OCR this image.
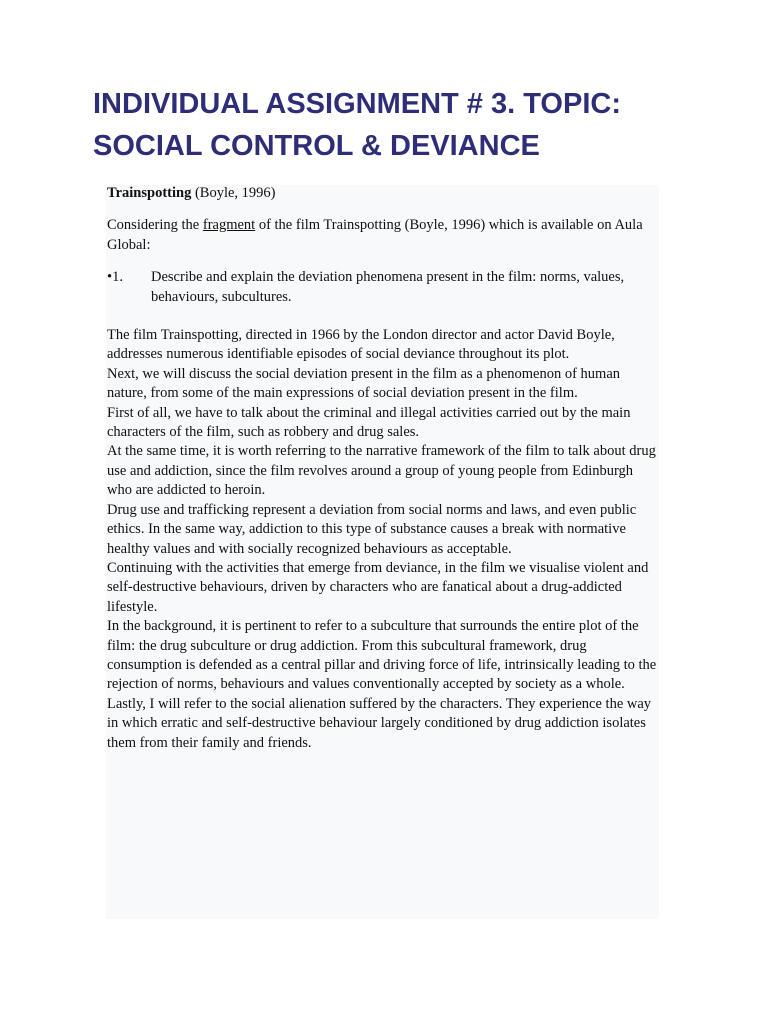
INDIVIDUAL ASSIGNMENT # 3. TOPIC:
SOCIAL CONTROL & DEVIANCE

Trainspotting (Boyle, 1996)

Considering the fragment of the film Trainspotting (Boyle, 1996) which is available on Aula Global:

•1.	Describe and explain the deviation phenomena present in the film: norms, values, behaviours, subcultures.

The film Trainspotting, directed in 1966 by the London director and actor David Boyle, addresses numerous identifiable episodes of social deviance throughout its plot.

Next, we will discuss the social deviation present in the film as a phenomenon of human nature, from some of the main expressions of social deviation present in the film.

First of all, we have to talk about the criminal and illegal activities carried out by the main characters of the film, such as robbery and drug sales.

At the same time, it is worth referring to the narrative framework of the film to talk about drug use and addiction, since the film revolves around a group of young people from Edinburgh who are addicted to heroin.

Drug use and trafficking represent a deviation from social norms and laws, and even public ethics. In the same way, addiction to this type of substance causes a break with normative healthy values and with socially recognized behaviours as acceptable.

Continuing with the activities that emerge from deviance, in the film we visualise violent and self-destructive behaviours, driven by characters who are fanatical about a drug-addicted lifestyle.

In the background, it is pertinent to refer to a subculture that surrounds the entire plot of the film: the drug subculture or drug addiction. From this subcultural framework, drug consumption is defended as a central pillar and driving force of life, intrinsically leading to the rejection of norms, behaviours and values conventionally accepted by society as a whole.

Lastly, I will refer to the social alienation suffered by the characters. They experience the way in which erratic and self-destructive behaviour largely conditioned by drug addiction isolates them from their family and friends.
